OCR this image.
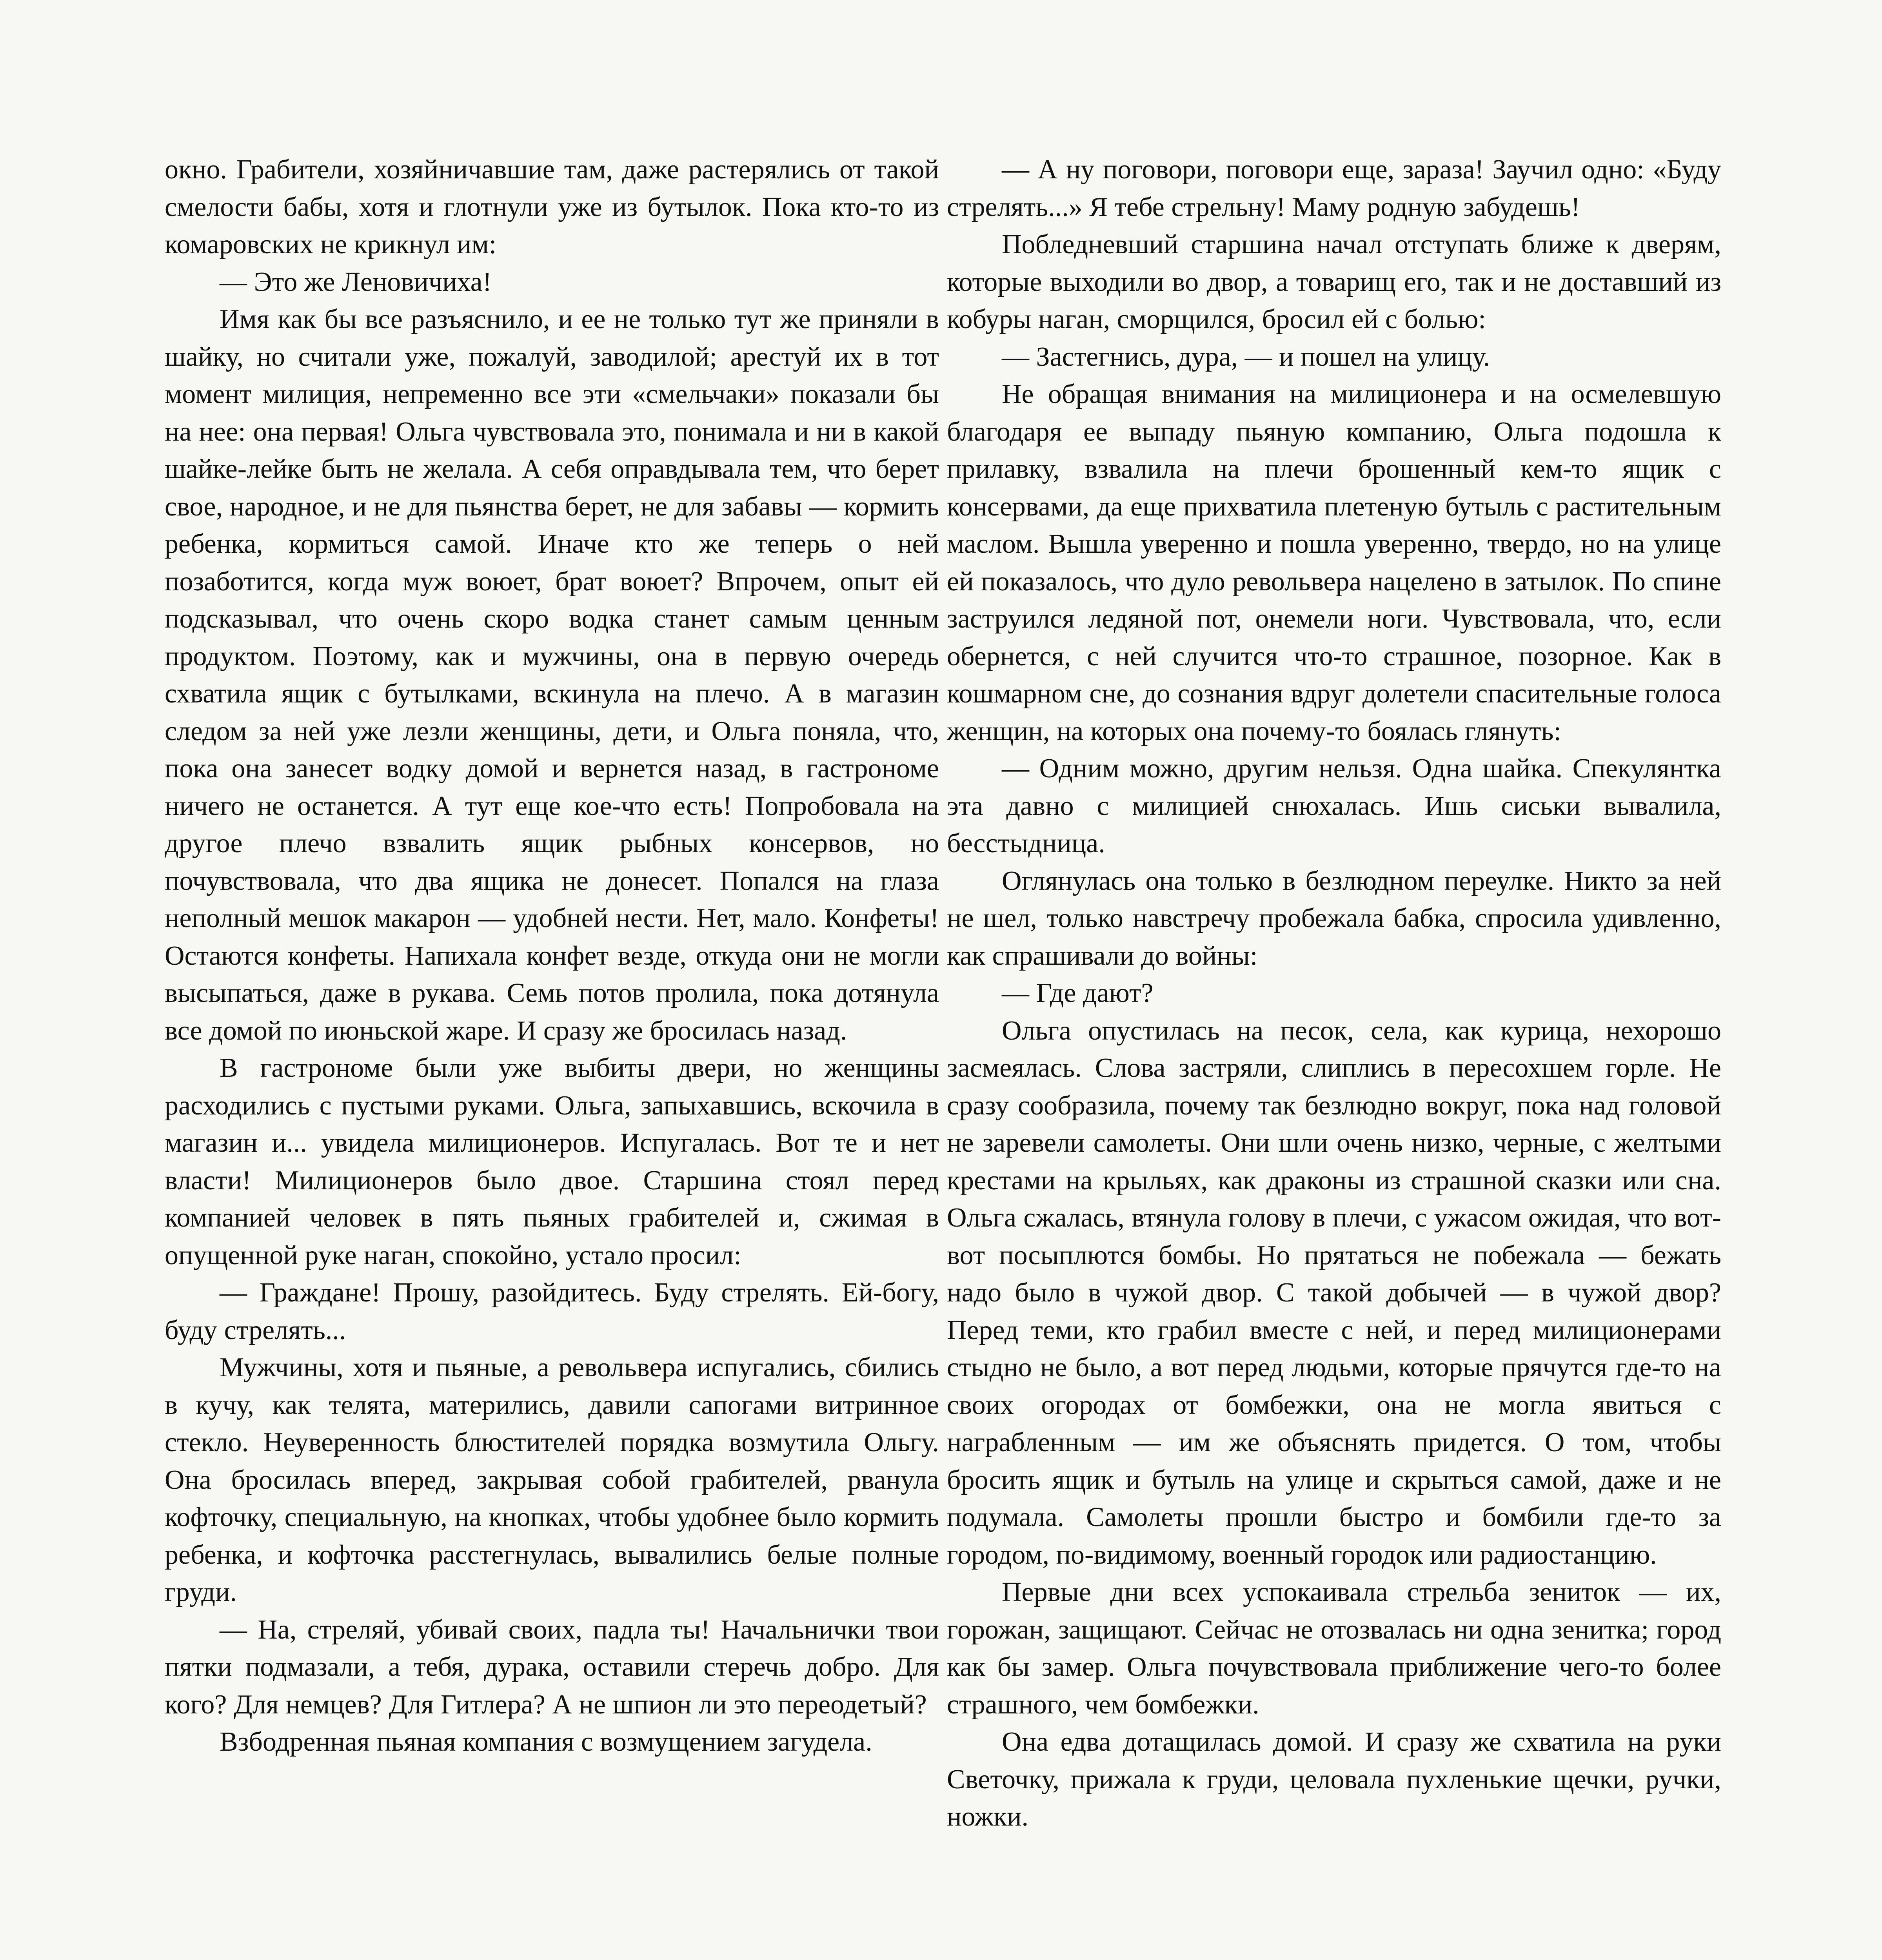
окно. Грабители, хозяйничавшие там, даже растерялись от такой смелости бабы, хотя и глотнули уже из бутылок. Пока кто-то из комаровских не крикнул им:

— Это же Леновичиха!

Имя как бы все разъяснило, и ее не только тут же приняли в шайку, но считали уже, пожалуй, заводилой; арестуй их в тот момент милиция, непременно все эти «смельчаки» показали бы на нее: она первая! Ольга чувствовала это, понимала и ни в какой шайке-лейке быть не желала. А себя оправдывала тем, что берет свое, народное, и не для пьянства берет, не для забавы — кормить ребенка, кормиться самой. Иначе кто же теперь о ней позаботится, когда муж воюет, брат воюет? Впрочем, опыт ей подсказывал, что очень скоро водка станет самым ценным продуктом. Поэтому, как и мужчины, она в первую очередь схватила ящик с бутылками, вскинула на плечо. А в магазин следом за ней уже лезли женщины, дети, и Ольга поняла, что, пока она занесет водку домой и вернется назад, в гастрономе ничего не останется. А тут еще кое-что есть! Попробовала на другое плечо взвалить ящик рыбных консервов, но почувствовала, что два ящика не донесет. Попался на глаза неполный мешок макарон — удобней нести. Нет, мало. Конфеты! Остаются конфеты. Напихала конфет везде, откуда они не могли высыпаться, даже в рукава. Семь потов пролила, пока дотянула все домой по июньской жаре. И сразу же бросилась назад.

В гастрономе были уже выбиты двери, но женщины расходились с пустыми руками. Ольга, запыхавшись, вскочила в магазин и... увидела милиционеров. Испугалась. Вот те и нет власти! Милиционеров было двое. Старшина стоял перед компанией человек в пять пьяных грабителей и, сжимая в опущенной руке наган, спокойно, устало просил:

— Граждане! Прошу, разойдитесь. Буду стрелять. Ей-богу, буду стрелять...

Мужчины, хотя и пьяные, а револьвера испугались, сбились в кучу, как телята, матерились, давили сапогами витринное стекло. Неуверенность блюстителей порядка возмутила Ольгу. Она бросилась вперед, закрывая собой грабителей, рванула кофточку, специальную, на кнопках, чтобы удобнее было кормить ребенка, и кофточка расстегнулась, вывалились белые полные груди.

— На, стреляй, убивай своих, падла ты! Начальнички твои пятки подмазали, а тебя, дурака, оставили стеречь добро. Для кого? Для немцев? Для Гитлера? А не шпион ли это переодетый?

Взбодренная пьяная компания с возмущением загудела.

— А ну поговори, поговори еще, зараза! Заучил одно: «Буду стрелять...» Я тебе стрельну! Маму родную забудешь!

Побледневший старшина начал отступать ближе к дверям, которые выходили во двор, а товарищ его, так и не доставший из кобуры наган, сморщился, бросил ей с болью:

— Застегнись, дура, — и пошел на улицу.

Не обращая внимания на милиционера и на осмелевшую благодаря ее выпаду пьяную компанию, Ольга подошла к прилавку, взвалила на плечи брошенный кем-то ящик с консервами, да еще прихватила плетеную бутыль с растительным маслом. Вышла уверенно и пошла уверенно, твердо, но на улице ей показалось, что дуло револьвера нацелено в затылок. По спине заструился ледяной пот, онемели ноги. Чувствовала, что, если обернется, с ней случится что-то страшное, позорное. Как в кошмарном сне, до сознания вдруг долетели спасительные голоса женщин, на которых она почему-то боялась глянуть:

— Одним можно, другим нельзя. Одна шайка. Спекулянтка эта давно с милицией снюхалась. Ишь сиськи вывалила, бесстыдница.

Оглянулась она только в безлюдном переулке. Никто за ней не шел, только навстречу пробежала бабка, спросила удивленно, как спрашивали до войны:

— Где дают?

Ольга опустилась на песок, села, как курица, нехорошо засмеялась. Слова застряли, слиплись в пересохшем горле. Не сразу сообразила, почему так безлюдно вокруг, пока над головой не заревели самолеты. Они шли очень низко, черные, с желтыми крестами на крыльях, как драконы из страшной сказки или сна. Ольга сжалась, втянула голову в плечи, с ужасом ожидая, что вот-вот посыплются бомбы. Но прятаться не побежала — бежать надо было в чужой двор. С такой добычей — в чужой двор? Перед теми, кто грабил вместе с ней, и перед милиционерами стыдно не было, а вот перед людьми, которые прячутся где-то на своих огородах от бомбежки, она не могла явиться с награбленным — им же объяснять придется. О том, чтобы бросить ящик и бутыль на улице и скрыться самой, даже и не подумала. Самолеты прошли быстро и бомбили где-то за городом, по-видимому, военный городок или радиостанцию.

Первые дни всех успокаивала стрельба зениток — их, горожан, защищают. Сейчас не отозвалась ни одна зенитка; город как бы замер. Ольга почувствовала приближение чего-то более страшного, чем бомбежки.

Она едва дотащилась домой. И сразу же схватила на руки Светочку, прижала к груди, целовала пухленькие щечки, ручки, ножки.
